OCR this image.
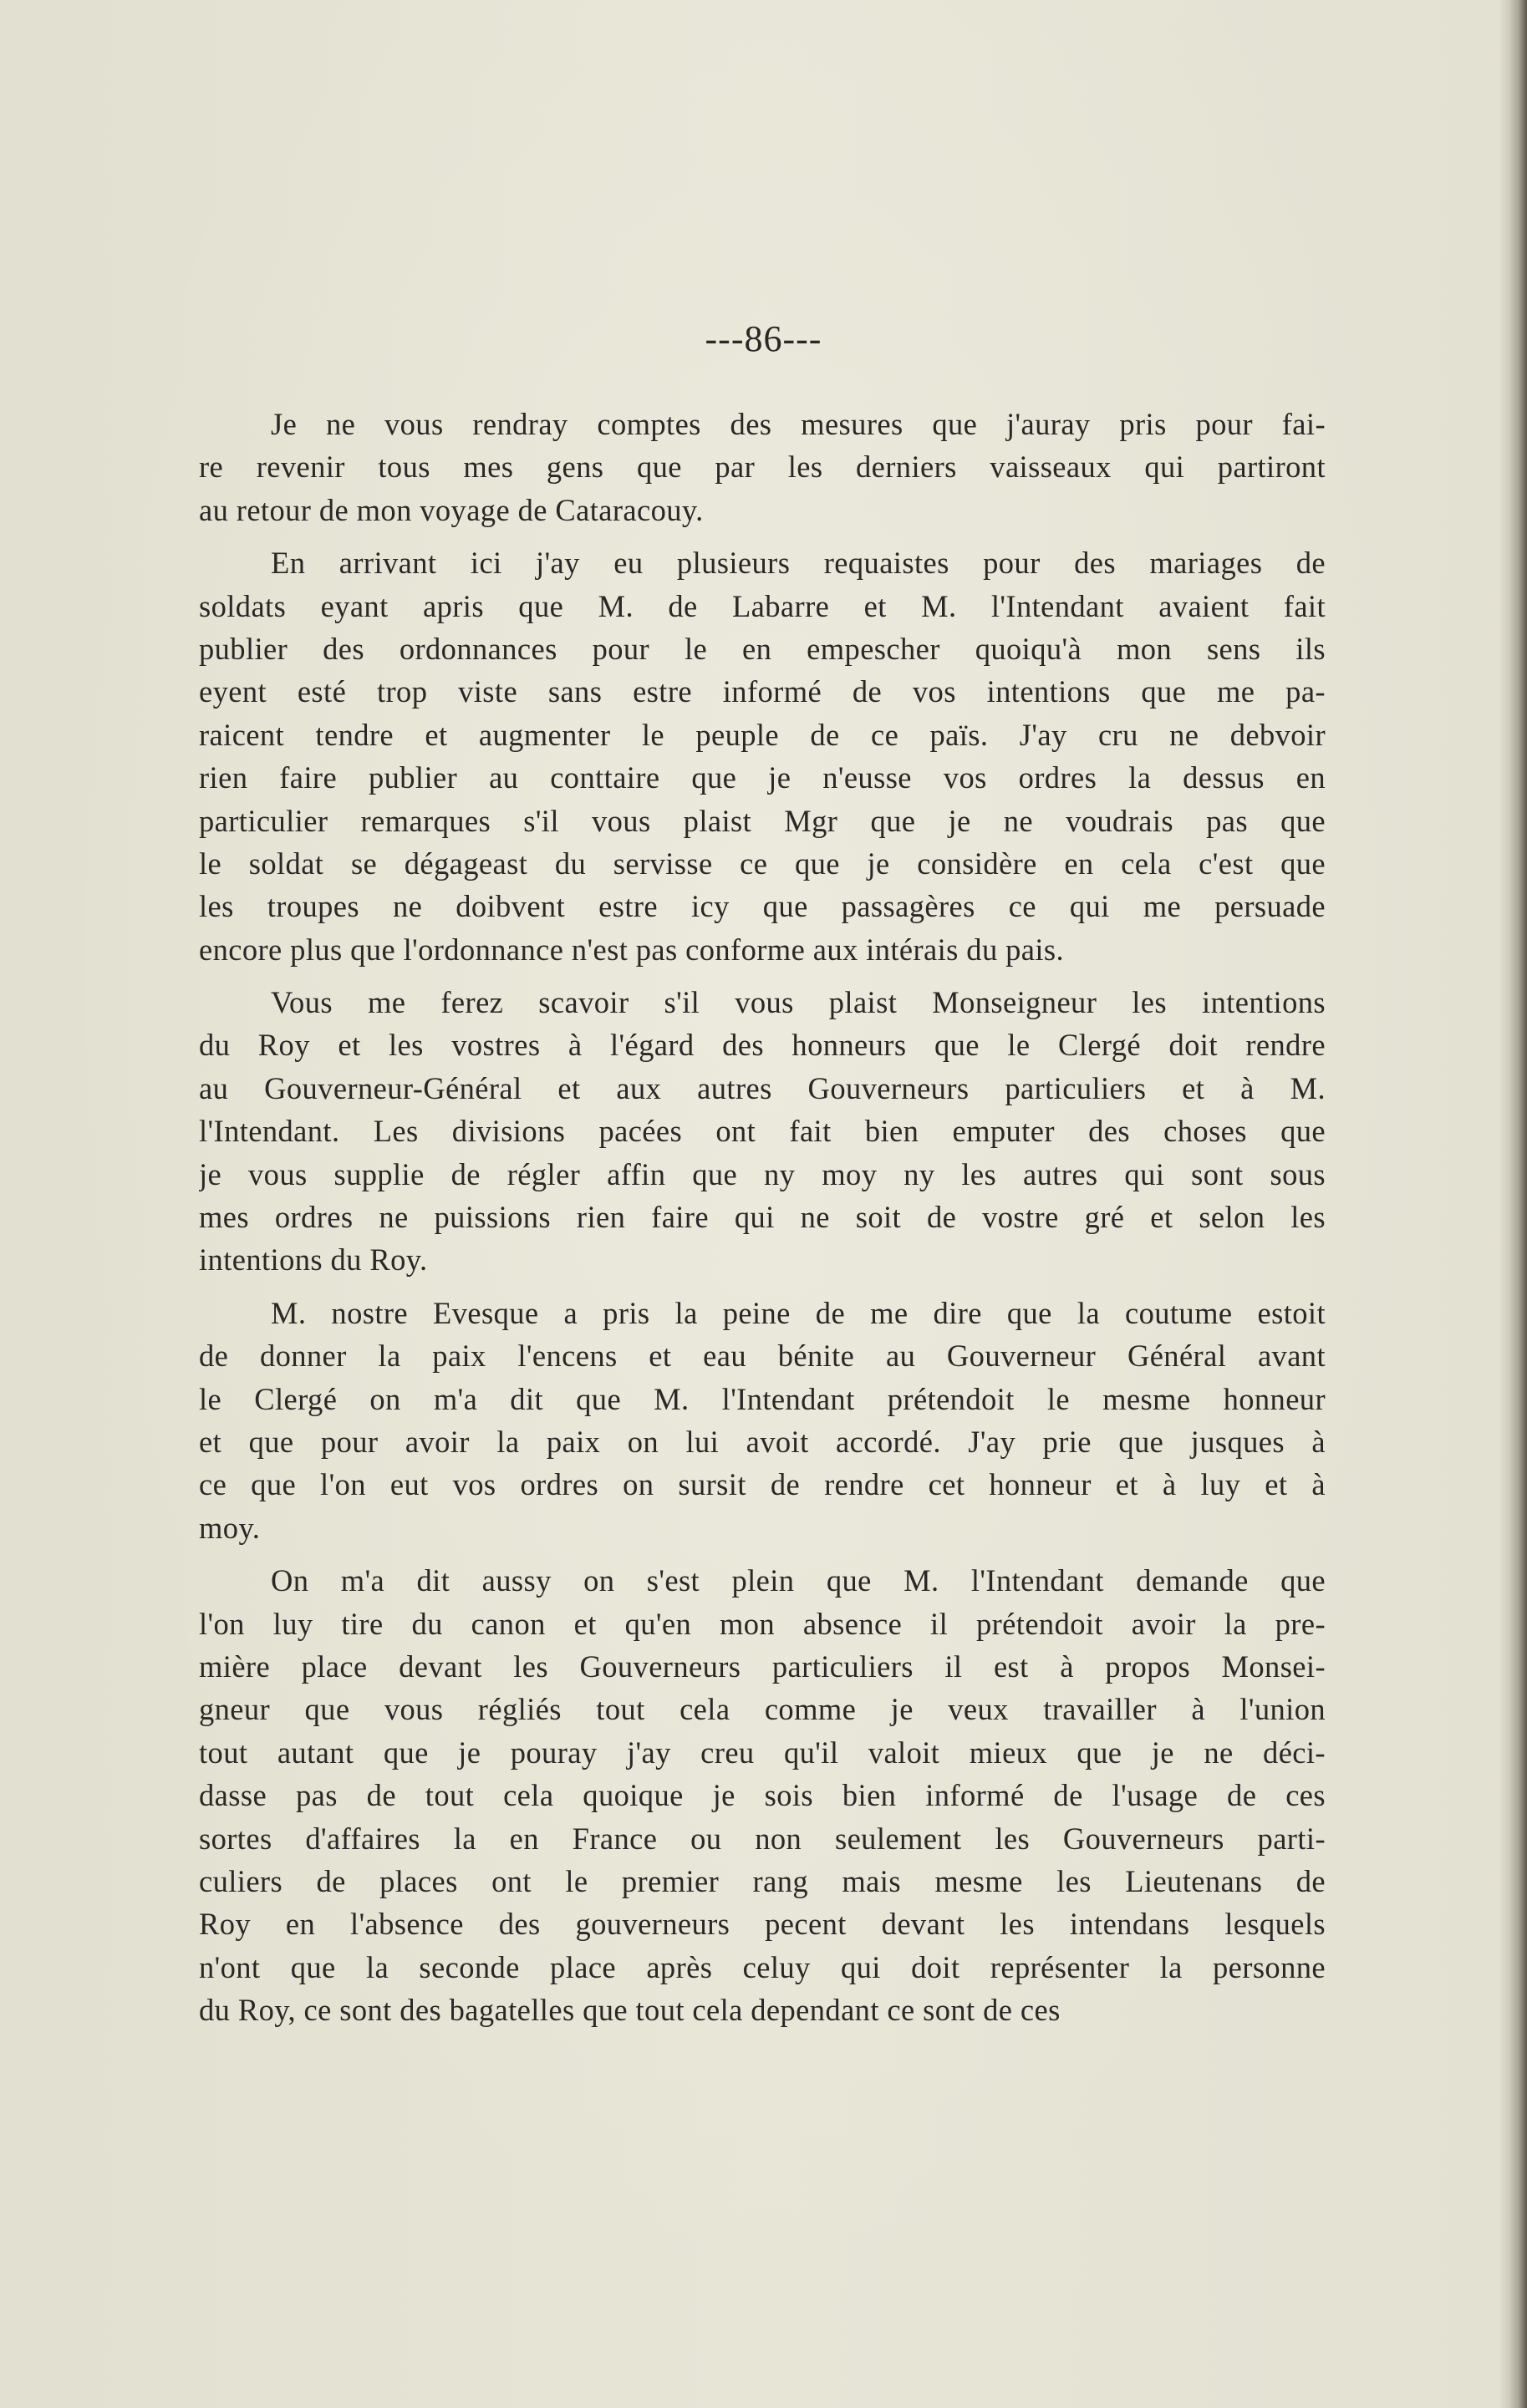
---86---

Je ne vous rendray comptes des mesures que j'auray pris pour fai-
re revenir tous mes gens que par les derniers vaisseaux qui partiront
au retour de mon voyage de Cataracouy.

En arrivant ici j'ay eu plusieurs requaistes pour des mariages de
soldats eyant apris que M. de Labarre et M. l'Intendant avaient fait
publier des ordonnances pour le en empescher quoiqu'à mon sens ils
eyent esté trop viste sans estre informé de vos intentions que me pa-
raicent tendre et augmenter le peuple de ce païs. J'ay cru ne debvoir
rien faire publier au conttaire que je n'eusse vos ordres la dessus en
particulier remarques s'il vous plaist Mgr que je ne voudrais pas que
le soldat se dégageast du servisse ce que je considère en cela c'est que
les troupes ne doibvent estre icy que passagères ce qui me persuade
encore plus que l'ordonnance n'est pas conforme aux intérais du pais.

Vous me ferez scavoir s'il vous plaist Monseigneur les intentions
du Roy et les vostres à l'égard des honneurs que le Clergé doit rendre
au Gouverneur-Général et aux autres Gouverneurs particuliers et à M.
l'Intendant. Les divisions pacées ont fait bien emputer des choses que
je vous supplie de régler affin que ny moy ny les autres qui sont sous
mes ordres ne puissions rien faire qui ne soit de vostre gré et selon les
intentions du Roy.

M. nostre Evesque a pris la peine de me dire que la coutume estoit
de donner la paix l'encens et eau bénite au Gouverneur Général avant
le Clergé on m'a dit que M. l'Intendant prétendoit le mesme honneur
et que pour avoir la paix on lui avoit accordé. J'ay prie que jusques à
ce que l'on eut vos ordres on sursit de rendre cet honneur et à luy et à
moy.

On m'a dit aussy on s'est plein que M. l'Intendant demande que
l'on luy tire du canon et qu'en mon absence il prétendoit avoir la pre-
mière place devant les Gouverneurs particuliers il est à propos Monsei-
gneur que vous régliés tout cela comme je veux travailler à l'union
tout autant que je pouray j'ay creu qu'il valoit mieux que je ne déci-
dasse pas de tout cela quoique je sois bien informé de l'usage de ces
sortes d'affaires la en France ou non seulement les Gouverneurs parti-
culiers de places ont le premier rang mais mesme les Lieutenans de
Roy en l'absence des gouverneurs pecent devant les intendans lesquels
n'ont que la seconde place après celuy qui doit représenter la personne
du Roy, ce sont des bagatelles que tout cela dependant ce sont de ces
